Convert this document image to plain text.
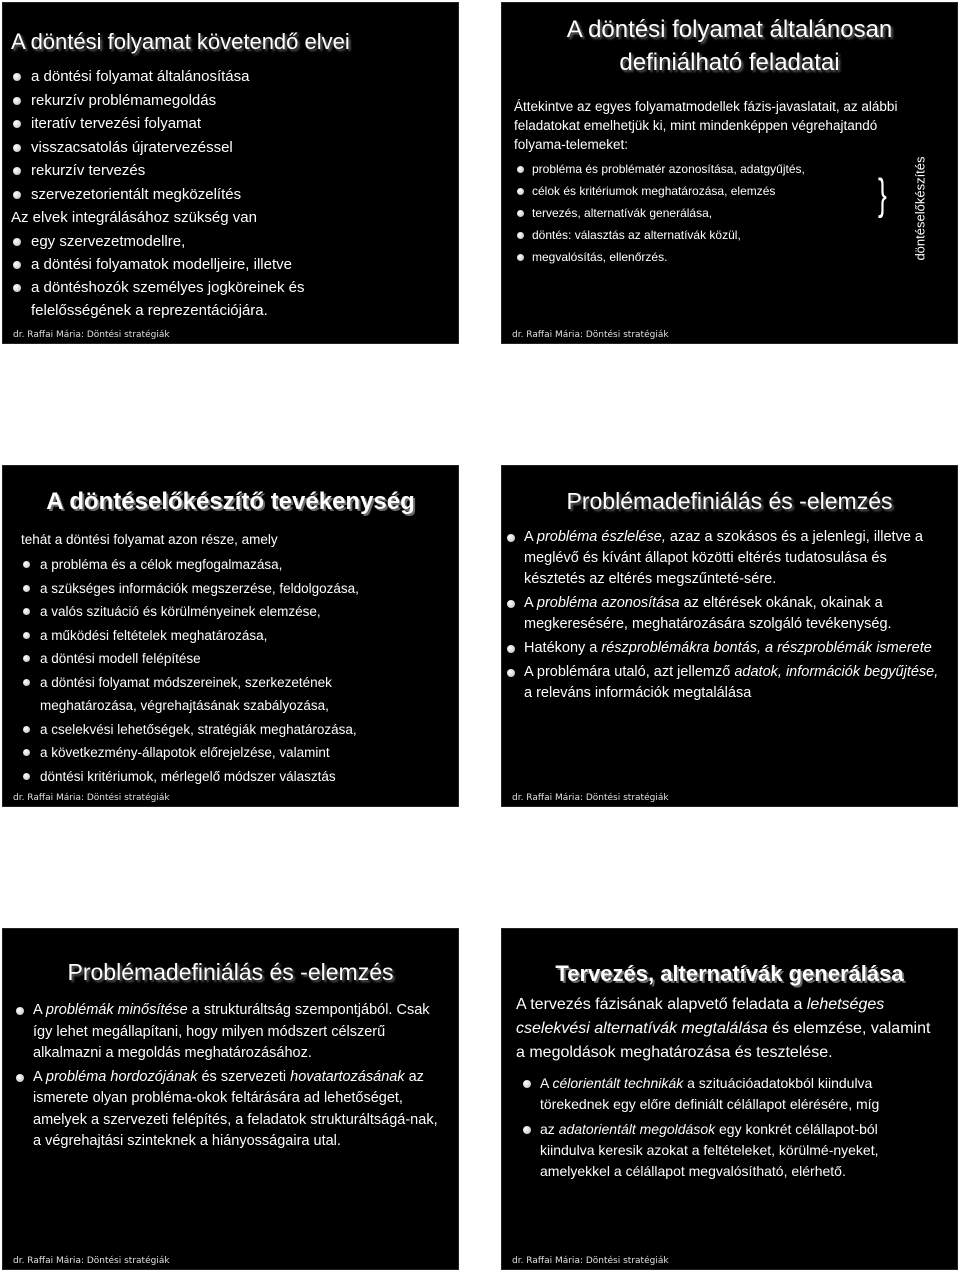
A döntési folyamat követendő elvei
a döntési folyamat általánosítása
rekurzív problémamegoldás
iteratív tervezési folyamat
visszacsatolás újratervezéssel
rekurzív tervezés
szervezetorientált megközelítés
Az elvek integrálásához szükség van
egy szervezetmodellre,
a döntési folyamatok modelljeire, illetve
a döntéshozók személyes jogköreinek és felelősségének a reprezentációjára.
dr. Raffai Mária: Döntési stratégiák
A döntési folyamat általánosan definiálható feladatai
Áttekintve az egyes folyamatmodellek fázis-javaslatait, az alábbi feladatokat emelhetjük ki, mint mindenképpen végrehajtandó folyama-telemeket:
probléma és problématér azonosítása, adatgyűjtés,
célok és kritériumok meghatározása, elemzés
tervezés, alternatívák generálása,
döntés: választás az alternatívák közül,
megvalósítás, ellenőrzés.
} döntéselőkészítés
dr. Raffai Mária: Döntési stratégiák
A döntéselőkészítő tevékenység
tehát a döntési folyamat azon része, amely
a probléma és a célok megfogalmazása,
a szükséges információk megszerzése, feldolgozása,
a valós szituáció és körülményeinek elemzése,
a működési feltételek meghatározása,
a döntési modell felépítése
a döntési folyamat módszereinek, szerkezetének meghatározása, végrehajtásának szabályozása,
a cselekvési lehetőségek, stratégiák meghatározása,
a következmény-állapotok előrejelzése, valamint
döntési kritériumok, mérlegelő módszer választás
dr. Raffai Mária: Döntési stratégiák
Problémadefiniálás és -elemzés
A probléma észlelése, azaz a szokásos és a jelenlegi, illetve a meglévő és kívánt állapot közötti eltérés tudatosulása és késztetés az eltérés megszűnteté-sére.
A probléma azonosítása az eltérések okának, okainak a megkeresésére, meghatározására szolgáló tevékenység.
Hatékony a részproblémákra bontás, a részproblémák ismerete
A problémára utaló, azt jellemző adatok, információk begyűjtése, a releváns információk megtalálása
dr. Raffai Mária: Döntési stratégiák
Problémadefiniálás és -elemzés
A problémák minősítése a strukturáltság szempontjából. Csak így lehet megállapítani, hogy milyen módszert célszerű alkalmazni a megoldás meghatározásához.
A probléma hordozójának és szervezeti hovatartozásának az ismerete olyan probléma-okok feltárására ad lehetőséget, amelyek a szervezeti felépítés, a feladatok strukturáltságá-nak, a végrehajtási szinteknek a hiányosságaira utal.
dr. Raffai Mária: Döntési stratégiák
Tervezés, alternatívák generálása
A tervezés fázisának alapvető feladata a lehetséges cselekvési alternatívák megtalálása és elemzése, valamint a megoldások meghatározása és tesztelése.
A célorientált technikák a szituációadatokból kiindulva törekednek egy előre definiált célállapot elérésére, míg
az adatorientált megoldások egy konkrét célállapot-ból kiindulva keresik azokat a feltételeket, körülmé-nyeket, amelyekkel a célállapot megvalósítható, elérhető.
dr. Raffai Mária: Döntési stratégiák
